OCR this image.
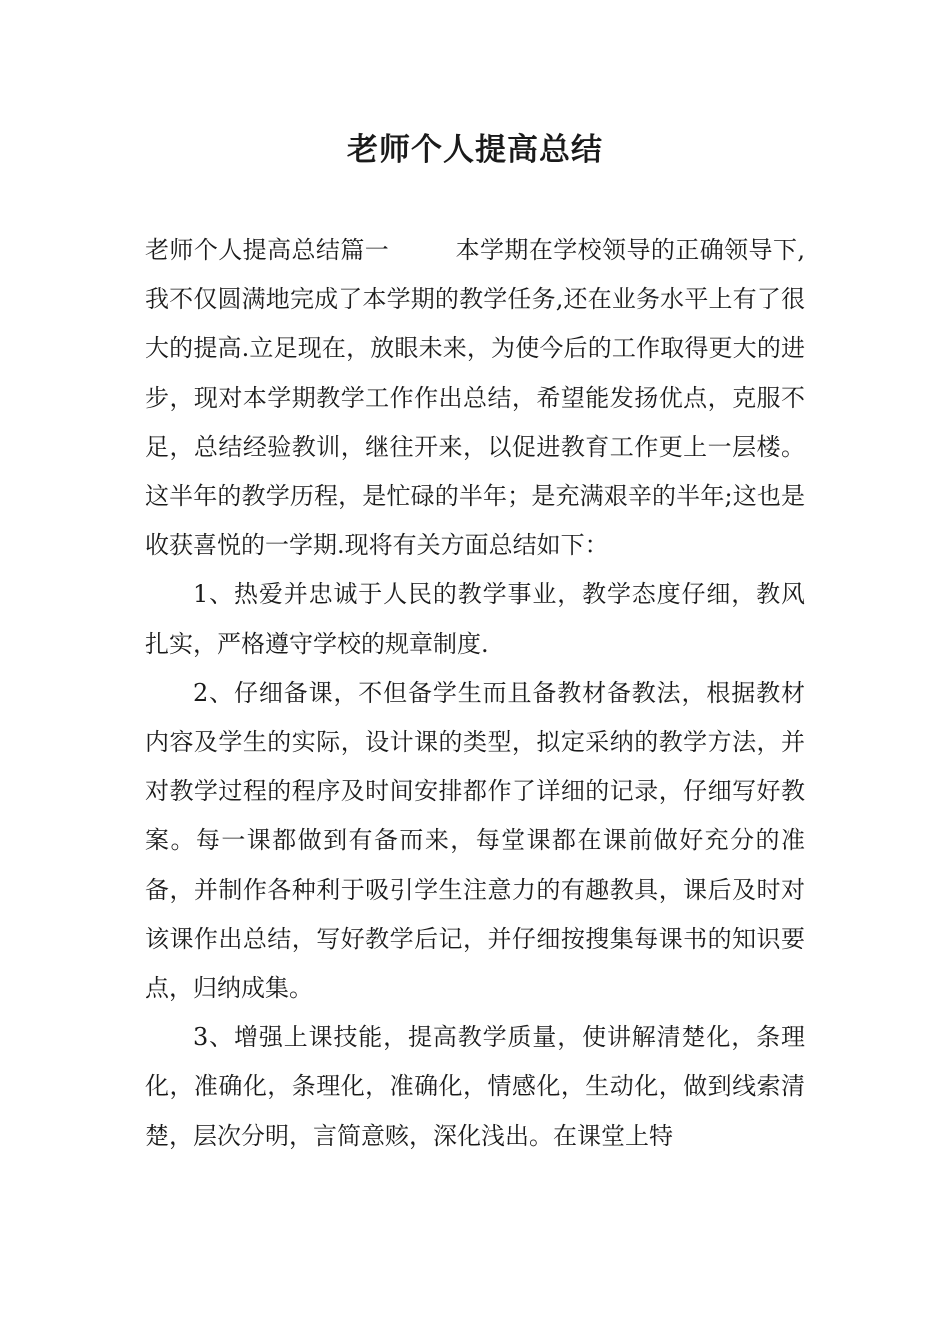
老师个人提高总结

老师个人提高总结篇一	本学期在学校领导的正确领导下,我不仅圆满地完成了本学期的教学任务,还在业务水平上有了很大的提高.立足现在，放眼未来，为使今后的工作取得更大的进步，现对本学期教学工作作出总结，希望能发扬优点，克服不足，总结经验教训，继往开来，以促进教育工作更上一层楼。这半年的教学历程，是忙碌的半年；是充满艰辛的半年;这也是收获喜悦的一学期.现将有关方面总结如下：

1、热爱并忠诚于人民的教学事业，教学态度仔细，教风扎实，严格遵守学校的规章制度.

2、仔细备课，不但备学生而且备教材备教法，根据教材 内容及学生的实际，设计课的类型，拟定采纳的教学方法，并对教学过程的程序及时间安排都作了详细的记录，仔细写好教案。每一课都做到有备而来，每堂课都在课前做好充分的准备，并制作各种利于吸引学生注意力的有趣教具，课后及时对该课作出总结，写好教学后记，并仔细按搜集每课书的知识要点，归纳成集。

3、增强上课技能，提高教学质量，使讲解清楚化，条理化，准确化，条理化，准确化，情感化，生动化，做到线索清楚，层次分明，言简意赅，深化浅出。在课堂上特
